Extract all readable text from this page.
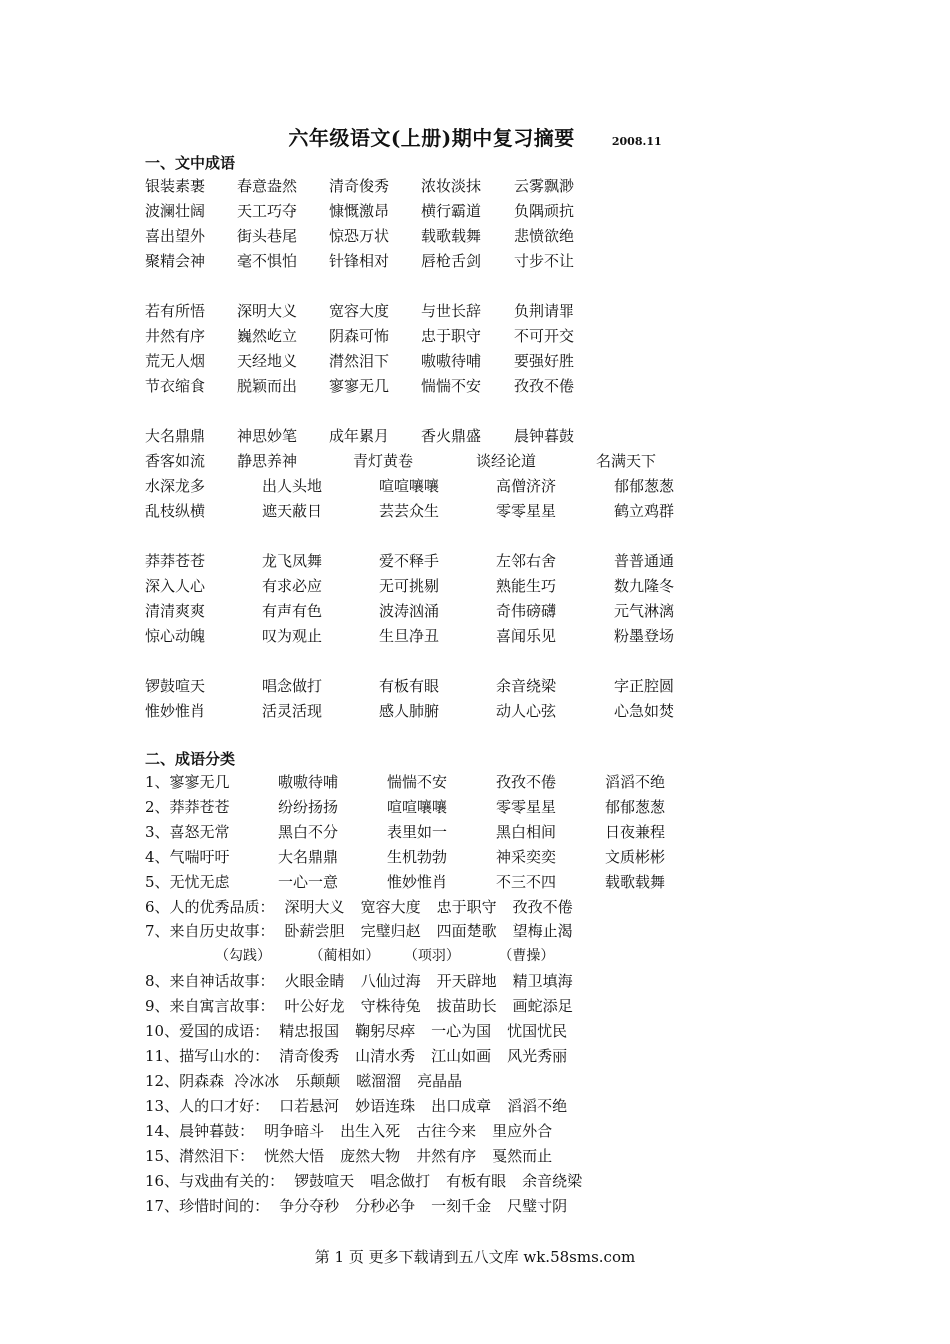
六年级语文(上册)期中复习摘要	2008.11
一、文中成语
银装素裹 春意盎然 清奇俊秀 浓妆淡抹 云雾飘渺
波澜壮阔 天工巧夺 慷慨激昂 横行霸道 负隅顽抗
喜出望外 街头巷尾 惊恐万状 载歌载舞 悲愤欲绝
聚精会神 毫不惧怕 针锋相对 唇枪舌剑 寸步不让
若有所悟 深明大义 宽容大度 与世长辞 负荆请罪
井然有序 巍然屹立 阴森可怖 忠于职守 不可开交
荒无人烟 天经地义 潸然泪下 嗷嗷待哺 要强好胜
节衣缩食 脱颖而出 寥寥无几 惴惴不安 孜孜不倦
大名鼎鼎 神思妙笔 成年累月 香火鼎盛 晨钟暮鼓
香客如流 静思养神	青灯黄卷	谈经论道	名满天下
水深龙多	出人头地	喧喧嚷嚷	高僧济济	郁郁葱葱
乱枝纵横	遮天蔽日	芸芸众生	零零星星	鹤立鸡群
莽莽苍苍	龙飞凤舞	爱不释手	左邻右舍	普普通通
深入人心	有求必应	无可挑剔	熟能生巧	数九隆冬
清清爽爽	有声有色	波涛汹涌	奇伟磅礴	元气淋漓
惊心动魄	叹为观止	生旦净丑	喜闻乐见	粉墨登场
锣鼓喧天	唱念做打	有板有眼	余音绕梁	字正腔圆
惟妙惟肖	活灵活现	感人肺腑	动人心弦	心急如焚
二、成语分类
1、寥寥无几	嗷嗷待哺	惴惴不安	孜孜不倦	滔滔不绝
2、莽莽苍苍	纷纷扬扬	喧喧嚷嚷	零零星星	郁郁葱葱
3、喜怒无常	黑白不分	表里如一	黑白相间	日夜兼程
4、气喘吁吁	大名鼎鼎	生机勃勃	神采奕奕	文质彬彬
5、无忧无虑	一心一意	惟妙惟肖	不三不四	载歌载舞
6、人的优秀品质： 深明大义 宽容大度 忠于职守 孜孜不倦
7、来自历史故事： 卧薪尝胆 完璧归赵 四面楚歌 望梅止渴
（勾践）	（蔺相如） （项羽）	（曹操）
8、来自神话故事： 火眼金睛 八仙过海 开天辟地 精卫填海
9、来自寓言故事： 叶公好龙 守株待兔 拔苗助长 画蛇添足
10、爱国的成语： 精忠报国 鞠躬尽瘁 一心为国 忧国忧民
11、描写山水的： 清奇俊秀 山清水秀 江山如画 风光秀丽
12、阴森森 冷冰冰 乐颠颠 嗞溜溜 亮晶晶
13、人的口才好： 口若悬河 妙语连珠 出口成章 滔滔不绝
14、晨钟暮鼓： 明争暗斗 出生入死 古往今来 里应外合
15、潸然泪下： 恍然大悟 庞然大物 井然有序 戛然而止
16、与戏曲有关的： 锣鼓喧天 唱念做打 有板有眼 余音绕梁
17、珍惜时间的： 争分夺秒 分秒必争 一刻千金 尺璧寸阴
第 1 页 更多下载请到五八文库 wk.58sms.com
